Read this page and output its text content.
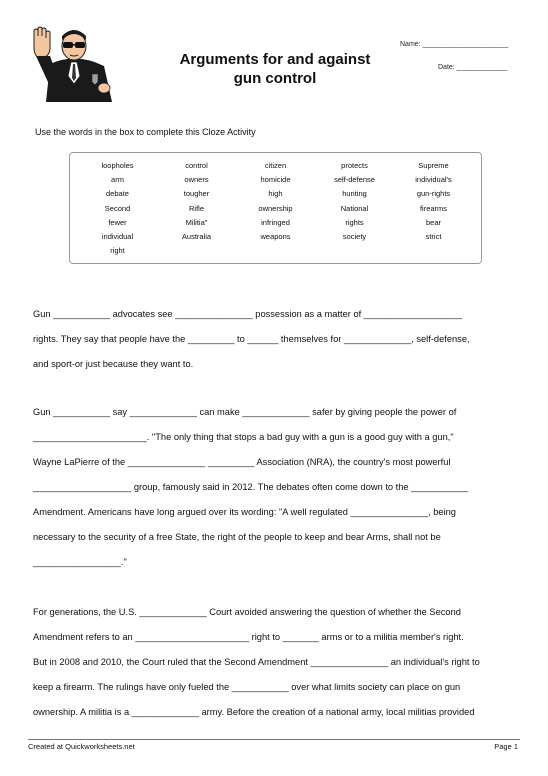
Arguments for and against
gun control
Name: ______________________
Date: _____________
Use the words in the box to complete this Cloze Activity
loopholes	control	citizen	protects	Supreme
arm	owners	homicide	self-defense	individual's
debate	tougher	high	hunting	gun-rights
Second	Rifle	ownership	National	firearms
fewer	Militia"	infringed	rights	bear
individual	Australia	weapons	society	strict
right
Gun ___________ advocates see _______________ possession as a matter of ___________________
rights. They say that people have the _________ to ______ themselves for _____________, self-defense,
and sport-or just because they want to.
Gun ___________ say _____________ can make _____________ safer by giving people the power of
______________________. "The only thing that stops a bad guy with a gun is a good guy with a gun,"
Wayne LaPierre of the _______________ _________ Association (NRA), the country's most powerful
___________________ group, famously said in 2012. The debates often come down to the ___________
Amendment. Americans have long argued over its wording: "A well regulated _______________, being
necessary to the security of a free State, the right of the people to keep and bear Arms, shall not be
_________________."
For generations, the U.S. _____________ Court avoided answering the question of whether the Second
Amendment refers to an ______________________ right to _______ arms or to a militia member's right.
But in 2008 and 2010, the Court ruled that the Second Amendment _______________ an individual's right to
keep a firearm. The rulings have only fueled the ___________ over what limits society can place on gun
ownership. A militia is a _____________ army. Before the creation of a national army, local militias provided
Created at Quickworksheets.net	Page 1
